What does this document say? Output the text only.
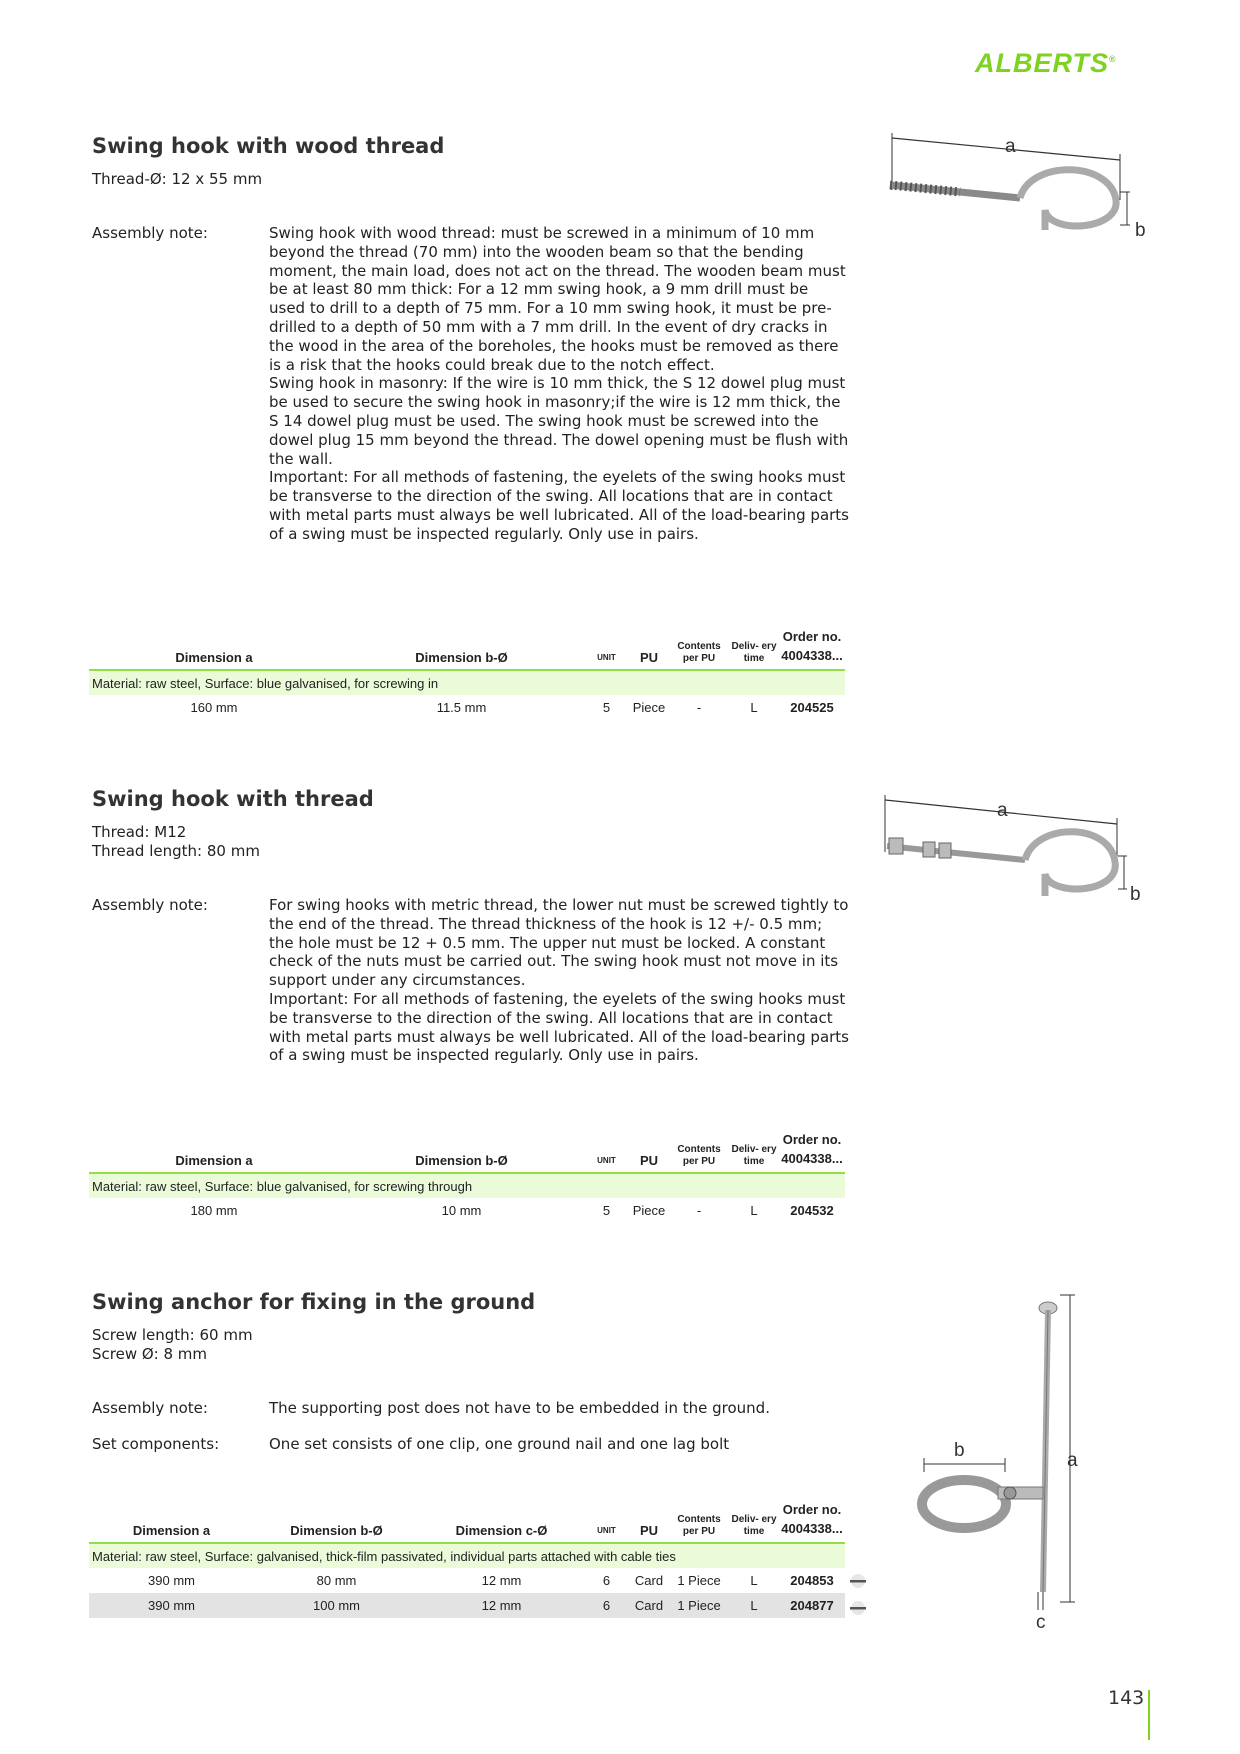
ALBERTS®
Swing hook with wood thread
Thread-Ø: 12 x 55 mm
Assembly note:	Swing hook with wood thread: must be screwed in a minimum of 10 mm beyond the thread (70 mm) into the wooden beam so that the bending moment, the main load, does not act on the thread. The wooden beam must be at least 80 mm thick: For a 12 mm swing hook, a 9 mm drill must be used to drill to a depth of 75 mm. For a 10 mm swing hook, it must be pre-drilled to a depth of 50 mm with a 7 mm drill. In the event of dry cracks in the wood in the area of the boreholes, the hooks must be removed as there is a risk that the hooks could break due to the notch effect.

Swing hook in masonry: If the wire is 10 mm thick, the S 12 dowel plug must be used to secure the swing hook in masonry;if the wire is 12 mm thick, the S 14 dowel plug must be used. The swing hook must be screwed into the dowel plug 15 mm beyond the thread. The dowel opening must be flush with the wall.

Important: For all methods of fastening, the eyelets of the swing hooks must be transverse to the direction of the swing. All locations that are in contact with metal parts must always be well lubricated. All of the load-bearing parts of a swing must be inspected regularly. Only use in pairs.

Dimension a	Dimension b-Ø	UNIT	PU	Contents per PU	Deliv- ery time	Order no.
4004338...

Material: raw steel, Surface: blue galvanised, for screwing in						
160 mm	11.5 mm	5	Piece	-	L	204525
a
b
Swing hook with thread
Thread: M12
Thread length: 80 mm
Assembly note:	For swing hooks with metric thread, the lower nut must be screwed tightly to the end of the thread. The thread thickness of the hook is 12 +/- 0.5 mm; the hole must be 12 + 0.5 mm. The upper nut must be locked. A constant check of the nuts must be carried out. The swing hook must not move in its support under any circumstances.

Important: For all methods of fastening, the eyelets of the swing hooks must be transverse to the direction of the swing. All locations that are in contact with metal parts must always be well lubricated. All of the load-bearing parts of a swing must be inspected regularly. Only use in pairs.

Dimension a	Dimension b-Ø	UNIT	PU	Contents per PU	Deliv- ery time	Order no.
4004338...

Material: raw steel, Surface: blue galvanised, for screwing through						
180 mm	10 mm	5	Piece	-	L	204532
a
b
Swing anchor for fixing in the ground
Screw length: 60 mm
Screw Ø: 8 mm
Assembly note:	The supporting post does not have to be embedded in the ground.
Set components:	One set consists of one clip, one ground nail and one lag bolt
Dimension a	Dimension b-Ø	Dimension c-Ø	UNIT	PU	Contents per PU	Deliv- ery time	Order no.
4004338...

Material: raw steel, Surface: galvanised, thick-film passivated, individual parts attached with cable ties							
390 mm	80 mm	12 mm	6	Card	1 Piece	L	204853
390 mm	100 mm	12 mm	6	Card	1 Piece	L	204877
a
b
c
143
